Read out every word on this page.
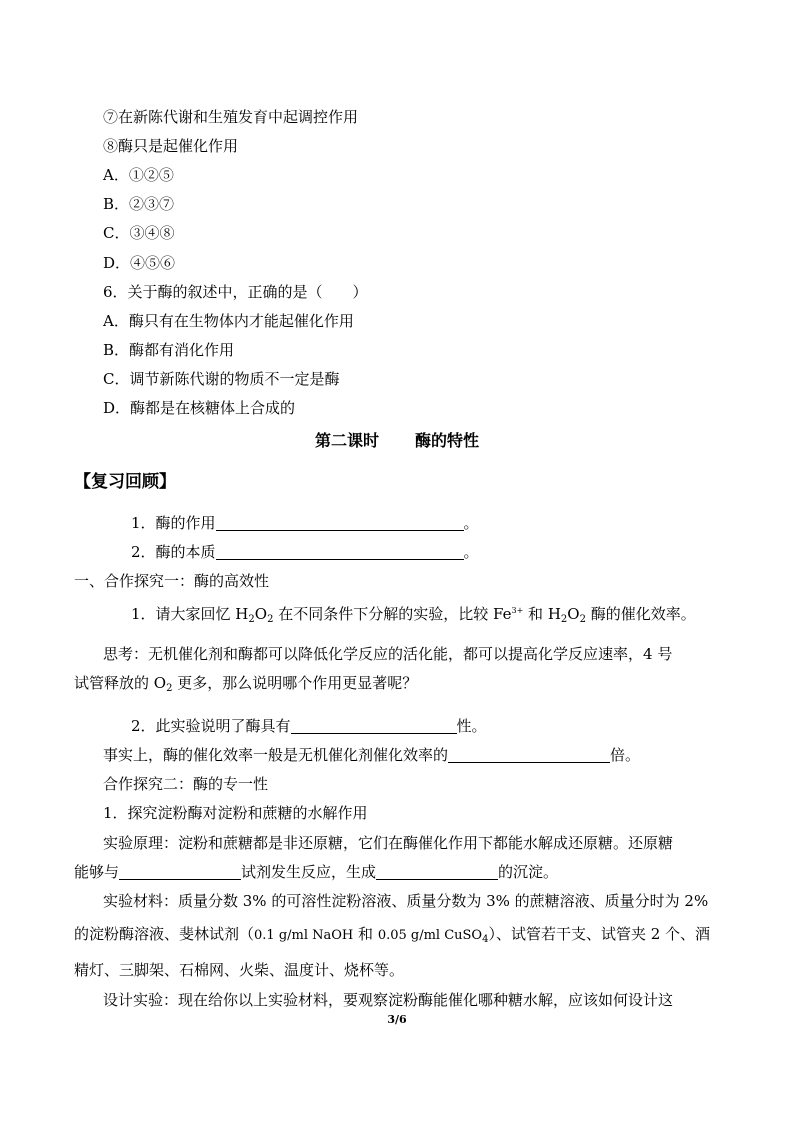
⑦在新陈代谢和生殖发育中起调控作用
⑧酶只是起催化作用
A．①②⑤
B．②③⑦
C．③④⑧
D．④⑤⑥
6．关于酶的叙述中，正确的是（　　）
A．酶只有在生物体内才能起催化作用
B．酶都有消化作用
C．调节新陈代谢的物质不一定是酶
D．酶都是在核糖体上合成的
第二课时 酶的特性
【复习回顾】
1．酶的作用	。
2．酶的本质	。
一、合作探究一：酶的高效性
1．请大家回忆 $H_2O_2$ 在不同条件下分解的实验，比较 $Fe^{3+}$ 和 $H_2O_2$ 酶的催化效率。
思考：无机催化剂和酶都可以降低化学反应的活化能，都可以提高化学反应速率，4 号
试管释放的 $O_2$ 更多，那么说明哪个作用更显著呢？
2．此实验说明了酶具有	性。
事实上，酶的催化效率一般是无机催化剂催化效率的	倍。
合作探究二：酶的专一性
1．探究淀粉酶对淀粉和蔗糖的水解作用
实验原理：淀粉和蔗糖都是非还原糖，它们在酶催化作用下都能水解成还原糖。还原糖
能够与	试剂发生反应，生成	的沉淀。
实验材料：质量分数 3% 的可溶性淀粉溶液、质量分数为 3% 的蔗糖溶液、质量分时为 2%
的淀粉酶溶液、斐林试剂（0.1 g/ml NaOH 和 0.05 g/ml CuSO$_4$）、试管若干支、试管夹 2 个、酒
精灯、三脚架、石棉网、火柴、温度计、烧杯等。
设计实验：现在给你以上实验材料，要观察淀粉酶能催化哪种糖水解，应该如何设计这
3/6
